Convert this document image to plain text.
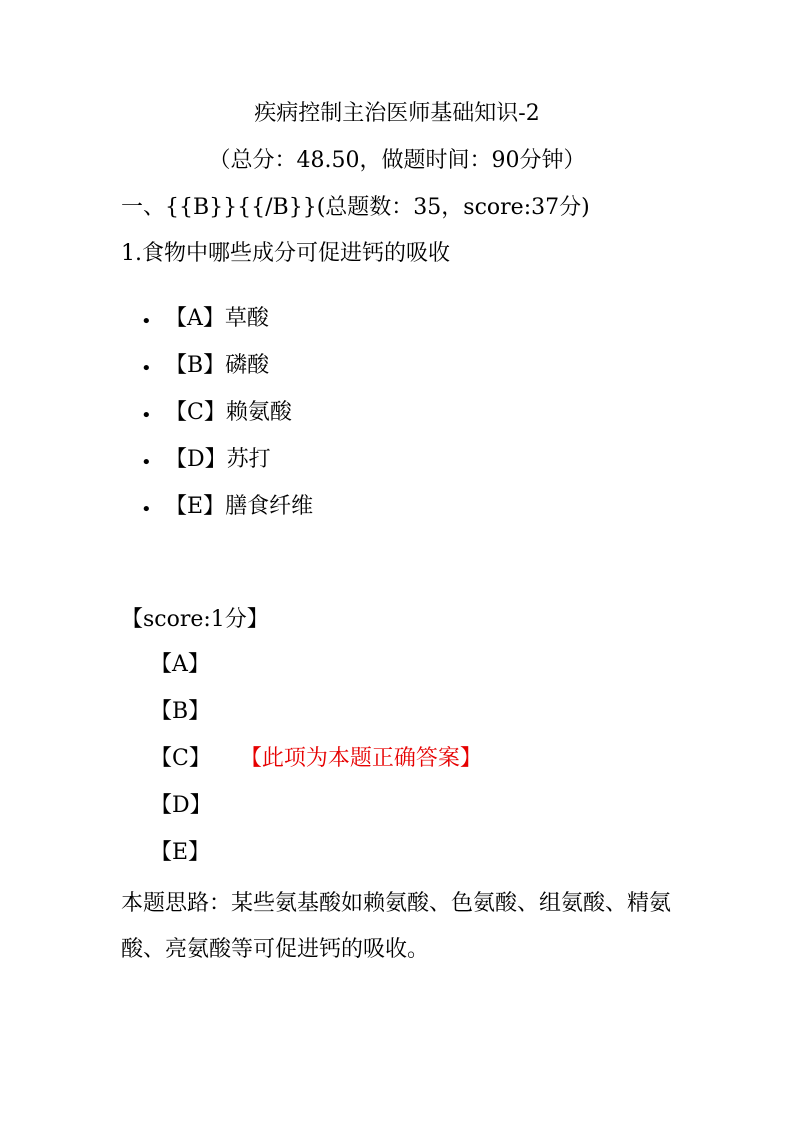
疾病控制主治医师基础知识-2
（总分：48.50，做题时间：90分钟）
一、{{B}}{{/B}}(总题数：35，score:37分)
1.食物中哪些成分可促进钙的吸收
• 【A】 草酸
• 【B】 磷酸
• 【C】 赖氨酸
• 【D】 苏打
• 【E】 膳食纤维
【score:1分】
【A】
【B】
【C】 【此项为本题正确答案】
【D】
【E】
本题思路：某些氨基酸如赖氨酸、色氨酸、组氨酸、精氨酸、亮氨酸等可促进钙的吸收。
